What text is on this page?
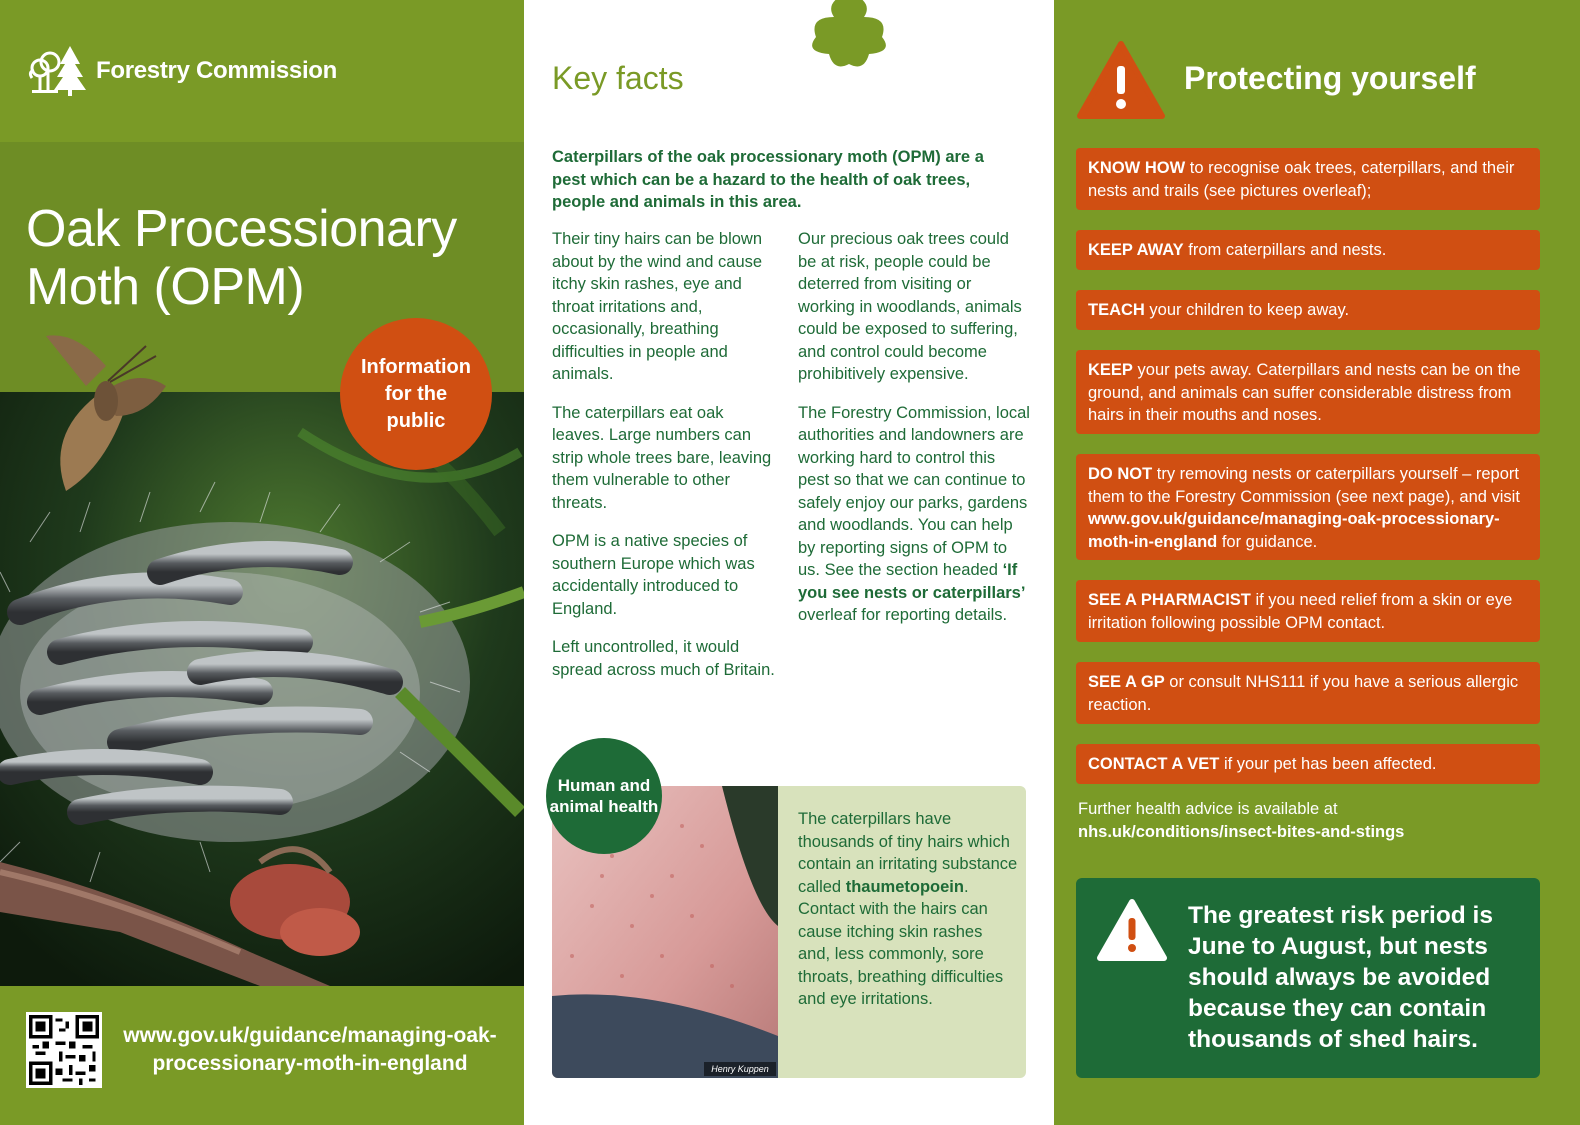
Forestry Commission
Oak Processionary Moth (OPM)
Information for the public
www.gov.uk/guidance/managing-oak-processionary-moth-in-england
Key facts

Caterpillars of the oak processionary moth (OPM) are a pest which can be a hazard to the health of oak trees, people and animals in this area.

Their tiny hairs can be blown about by the wind and cause itchy skin rashes, eye and throat irritations and, occasionally, breathing difficulties in people and animals.

The caterpillars eat oak leaves. Large numbers can strip whole trees bare, leaving them vulnerable to other threats.

OPM is a native species of southern Europe which was accidentally introduced to England.

Left uncontrolled, it would spread across much of Britain.

Our precious oak trees could be at risk, people could be deterred from visiting or working in woodlands, animals could be exposed to suffering, and control could become prohibitively expensive.

The Forestry Commission, local authorities and landowners are working hard to control this pest so that we can continue to safely enjoy our parks, gardens and woodlands. You can help by reporting signs of OPM to us. See the section headed ‘If you see nests or caterpillars’ overleaf for reporting details.

The caterpillars have thousands of tiny hairs which contain an irritating substance called thaumetopoein. Contact with the hairs can cause itching skin rashes and, less commonly, sore throats, breathing difficulties and eye irritations.
Human and animal health
Henry Kuppen
Protecting yourself
KNOW HOW to recognise oak trees, caterpillars, and their nests and trails (see pictures overleaf);
KEEP AWAY from caterpillars and nests.
TEACH your children to keep away.
KEEP your pets away. Caterpillars and nests can be on the ground, and animals can suffer considerable distress from hairs in their mouths and noses.
DO NOT try removing nests or caterpillars yourself – report them to the Forestry Commission (see next page), and visit www.gov.uk/guidance/managing-oak-processionary-moth-in-england for guidance.
SEE A PHARMACIST if you need relief from a skin or eye irritation following possible OPM contact.
SEE A GP or consult NHS111 if you have a serious allergic reaction.
CONTACT A VET if your pet has been affected.
Further health advice is available at
nhs.uk/conditions/insect-bites-and-stings
The greatest risk period is June to August, but nests should always be avoided because they can contain thousands of shed hairs.
